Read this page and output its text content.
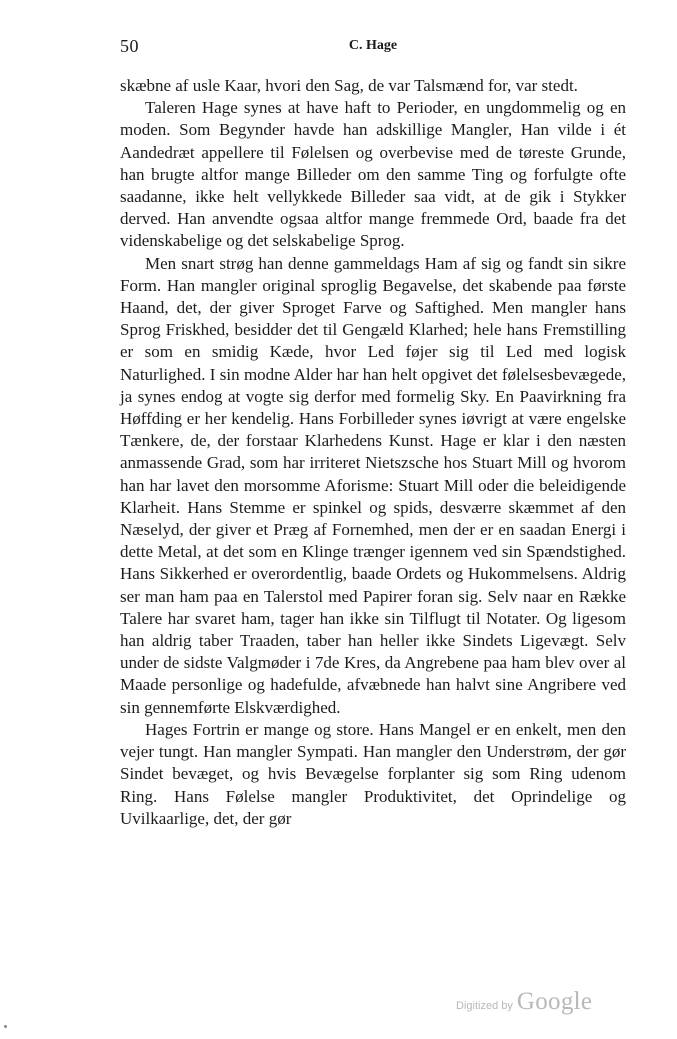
50	C. Hage

skæbne af usle Kaar, hvori den Sag, de var Talsmænd for, var stedt.

Taleren Hage synes at have haft to Perioder, en ungdommelig og en moden. Som Begynder havde han adskillige Mangler, Han vilde i ét Aandedræt appellere til Følelsen og overbevise med de tøreste Grunde, han brugte altfor mange Billeder om den samme Ting og forfulgte ofte saadanne, ikke helt vellykkede Billeder saa vidt, at de gik i Stykker derved. Han anvendte ogsaa altfor mange fremmede Ord, baade fra det videnskabelige og det selskabelige Sprog.

Men snart strøg han denne gammeldags Ham af sig og fandt sin sikre Form. Han mangler original sproglig Begavelse, det skabende paa første Haand, det, der giver Sproget Farve og Saftighed. Men mangler hans Sprog Friskhed, besidder det til Gengæld Klarhed; hele hans Fremstilling er som en smidig Kæde, hvor Led føjer sig til Led med logisk Naturlighed. I sin modne Alder har han helt opgivet det følelsesbevægede, ja synes endog at vogte sig derfor med formelig Sky. En Paavirkning fra Høffding er her kendelig. Hans Forbilleder synes iøvrigt at være engelske Tænkere, de, der forstaar Klarhedens Kunst. Hage er klar i den næsten anmassende Grad, som har irriteret Nietszsche hos Stuart Mill og hvorom han har lavet den morsomme Aforisme: Stuart Mill oder die beleidigende Klarheit. Hans Stemme er spinkel og spids, desværre skæmmet af den Næselyd, der giver et Præg af Fornemhed, men der er en saadan Energi i dette Metal, at det som en Klinge trænger igennem ved sin Spændstighed. Hans Sikkerhed er overordentlig, baade Ordets og Hukommelsens. Aldrig ser man ham paa en Talerstol med Papirer foran sig. Selv naar en Række Talere har svaret ham, tager han ikke sin Tilflugt til Notater. Og ligesom han aldrig taber Traaden, taber han heller ikke Sindets Ligevægt. Selv under de sidste Valgmøder i 7de Kres, da Angrebene paa ham blev over al Maade personlige og hadefulde, afvæbnede han halvt sine Angribere ved sin gennemførte Elskværdighed.

Hages Fortrin er mange og store. Hans Mangel er en enkelt, men den vejer tungt. Han mangler Sympati. Han mangler den Understrøm, der gør Sindet bevæget, og hvis Bevægelse forplanter sig som Ring udenom Ring. Hans Følelse mangler Produktivitet, det Oprindelige og Uvilkaarlige, det, der gør

Digitized by Google
